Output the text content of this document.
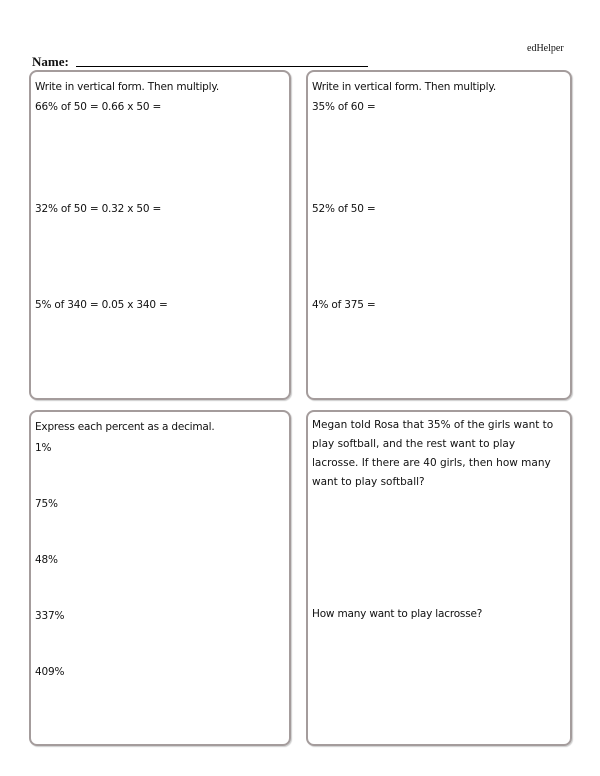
edHelper
Name:
Write in vertical form. Then multiply.
66% of 50 = 0.66 x 50 =
32% of 50 = 0.32 x 50 =
5% of 340 = 0.05 x 340 =
Write in vertical form. Then multiply.
35% of 60 =
52% of 50 =
4% of 375 =
Express each percent as a decimal.
1%
75%
48%
337%
409%
Megan told Rosa that 35% of the girls want to play softball, and the rest want to play lacrosse. If there are 40 girls, then how many want to play softball?
How many want to play lacrosse?
